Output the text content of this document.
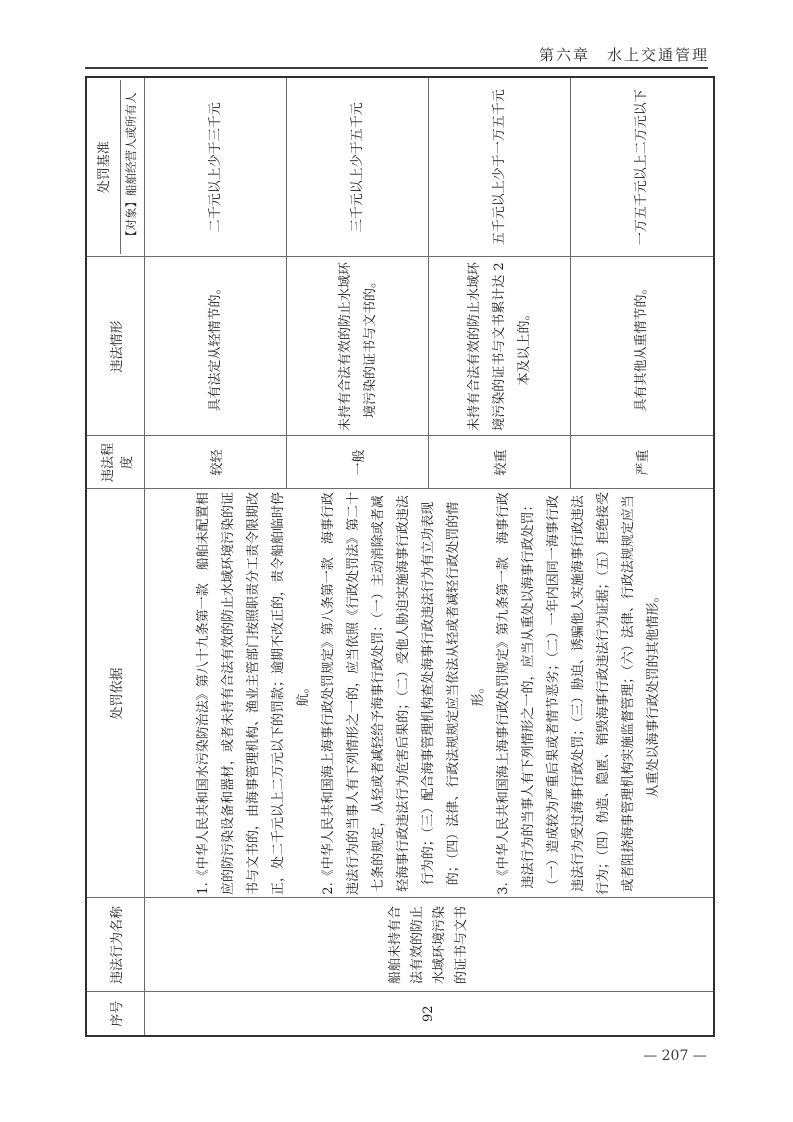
第六章　水上交通管理
序号	违法行为名称	处罚依据	违法程度	违法情形	处罚基准 【对象】船舶经营人或所有人

92	船舶未持有合法有效的防止水域环境污染的证书与文书	1.《中华人民共和国水污染防治法》第八十九条第一款　船舶未配置相应的防污染设备和器材，或者未持有合法有效的防止水域环境污染的证书与文书的，由海事管理机构、渔业主管部门按照职责分工责令限期改正，处二千元以上二万元以下的罚款；逾期不改正的，责令船舶临时停航。 2.《中华人民共和国海上海事行政处罚规定》第八条第一款　海事行政违法行为的当事人有下列情形之一的，应当依照《行政处罚法》第二十七条的规定，从轻或者减轻给予海事行政处罚：（一）主动消除或者减轻海事行政违法行为危害后果的；（二）受他人胁迫实施海事行政违法行为的；（三）配合海事管理机构查处海事行政违法行为有立功表现的；（四）法律、行政法规规定应当依法从轻或者减轻行政处罚的情形。 3.《中华人民共和国海上海事行政处罚规定》第九条第一款　海事行政违法行为的当事人有下列情形之一的，应当从重处以海事行政处罚：（一）造成较为严重后果或者情节恶劣；（二）一年内因同一海事行政违法行为受过海事行政处罚；（三）胁迫、诱骗他人实施海事行政违法行为；（四）伪造、隐匿、销毁海事行政违法行为证据；（五）拒绝接受或者阻挠海事管理机构实施监督管理；（六）法律、行政法规规定应当从重处以海事行政处罚的其他情形。	较轻	具有法定从轻情节的。	二千元以上少于三千元
			一般	未持有合法有效的防止水域环境污染的证书与文书的。	三千元以上少于五千元
			较重	未持有合法有效的防止水域环境污染的证书与文书累计达 2 本及以上的。	五千元以上少于一万五千元
			严重	具有其他从重情节的。	一万五千元以上二万元以下
— 207 —
